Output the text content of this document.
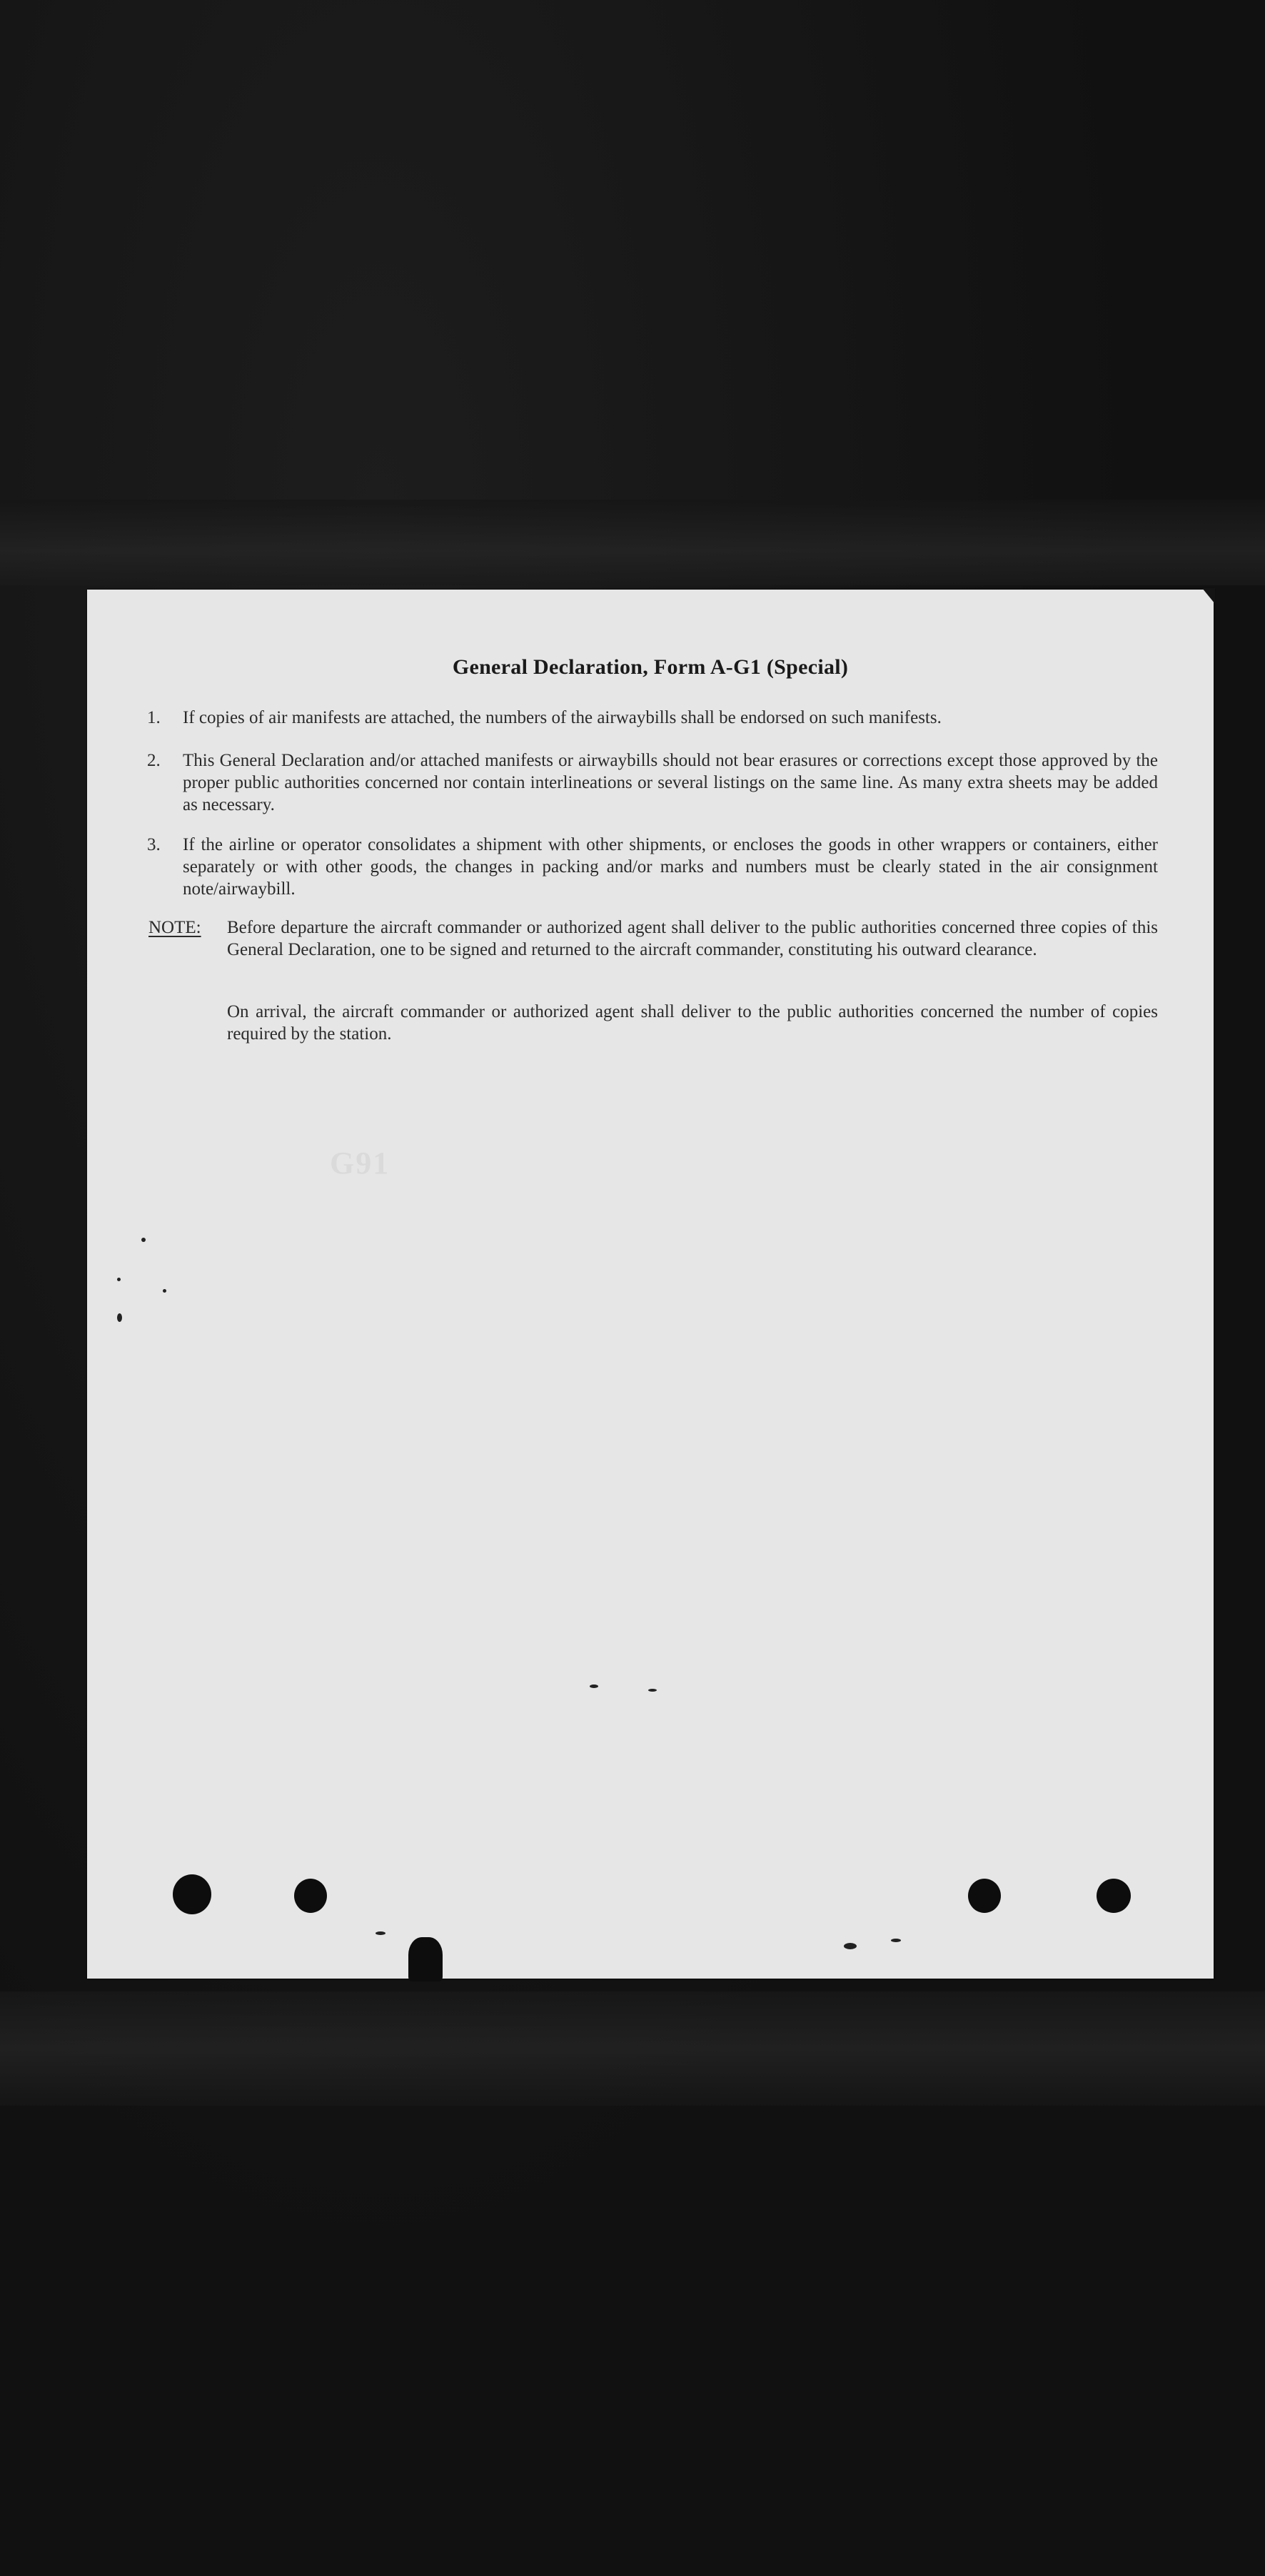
General Declaration, Form A-G1 (Special)
1.	If copies of air manifests are attached, the numbers of the airwaybills shall be endorsed on such manifests.
2.	This General Declaration and/or attached manifests or airwaybills should not bear erasures or corrections except those approved by the proper public authorities concerned nor contain interlineations or several listings on the same line. As many extra sheets may be added as necessary.
3.	If the airline or operator consolidates a shipment with other shipments, or encloses the goods in other wrappers or containers, either separately or with other goods, the changes in packing and/or marks and numbers must be clearly stated in the air consignment note/airwaybill.
NOTE: Before departure the aircraft commander or authorized agent shall deliver to the public authorities concerned three copies of this General Declaration, one to be signed and returned to the aircraft commander, constituting his outward clearance.
On arrival, the aircraft commander or authorized agent shall deliver to the public authorities concerned the number of copies required by the station.
G91
